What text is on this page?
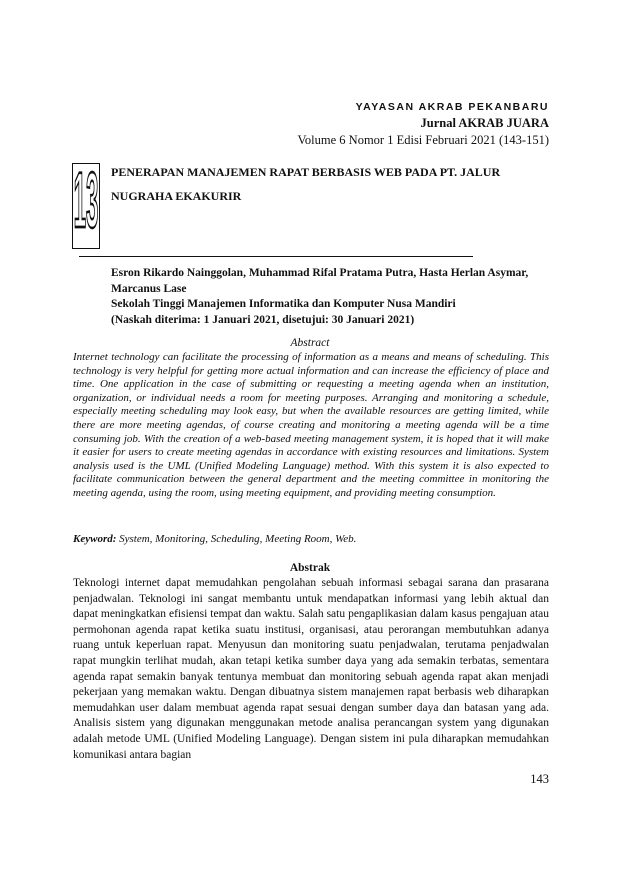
YAYASAN AKRAB PEKANBARU
Jurnal AKRAB JUARA
Volume 6 Nomor 1 Edisi Februari 2021 (143-151)
13 PENERAPAN MANAJEMEN RAPAT BERBASIS WEB PADA PT. JALUR NUGRAHA EKAKURIR
Esron Rikardo Nainggolan, Muhammad Rifal Pratama Putra, Hasta Herlan Asymar, Marcanus Lase
Sekolah Tinggi Manajemen Informatika dan Komputer Nusa Mandiri
(Naskah diterima: 1 Januari 2021, disetujui: 30 Januari 2021)
Abstract
Internet technology can facilitate the processing of information as a means and means of scheduling. This technology is very helpful for getting more actual information and can increase the efficiency of place and time. One application in the case of submitting or requesting a meeting agenda when an institution, organization, or individual needs a room for meeting purposes. Arranging and monitoring a schedule, especially meeting scheduling may look easy, but when the available resources are getting limited, while there are more meeting agendas, of course creating and monitoring a meeting agenda will be a time consuming job. With the creation of a web-based meeting management system, it is hoped that it will make it easier for users to create meeting agendas in accordance with existing resources and limitations. System analysis used is the UML (Unified Modeling Language) method. With this system it is also expected to facilitate communication between the general department and the meeting committee in monitoring the meeting agenda, using the room, using meeting equipment, and providing meeting consumption.
Keyword: System, Monitoring, Scheduling, Meeting Room, Web.
Abstrak
Teknologi internet dapat memudahkan pengolahan sebuah informasi sebagai sarana dan prasarana penjadwalan. Teknologi ini sangat membantu untuk mendapatkan informasi yang lebih aktual dan dapat meningkatkan efisiensi tempat dan waktu. Salah satu pengaplikasian dalam kasus pengajuan atau permohonan agenda rapat ketika suatu institusi, organisasi, atau perorangan membutuhkan adanya ruang untuk keperluan rapat. Menyusun dan monitoring suatu penjadwalan, terutama penjadwalan rapat mungkin terlihat mudah, akan tetapi ketika sumber daya yang ada semakin terbatas, sementara agenda rapat semakin banyak tentunya membuat dan monitoring sebuah agenda rapat akan menjadi pekerjaan yang memakan waktu. Dengan dibuatnya sistem manajemen rapat berbasis web diharapkan memudahkan user dalam membuat agenda rapat sesuai dengan sumber daya dan batasan yang ada. Analisis sistem yang digunakan menggunakan metode analisa perancangan system yang digunakan adalah metode UML (Unified Modeling Language). Dengan sistem ini pula diharapkan memudahkan komunikasi antara bagian
143
